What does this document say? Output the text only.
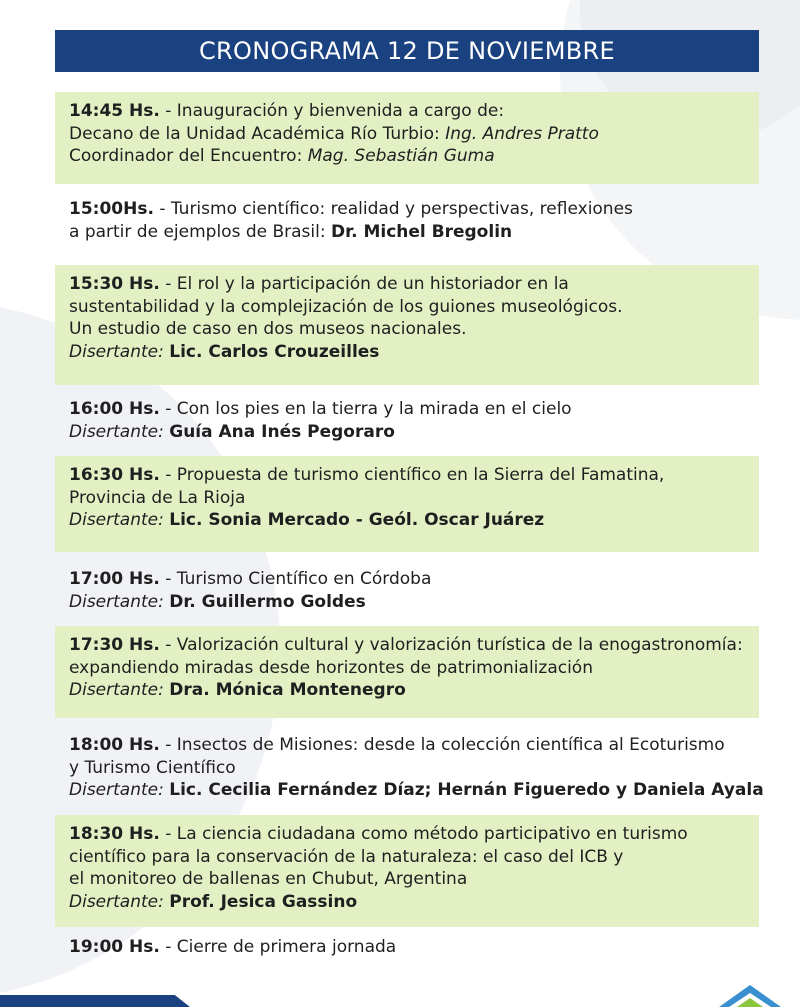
CRONOGRAMA 12 DE NOVIEMBRE
14:45 Hs. - Inauguración y bienvenida a cargo de:
Decano de la Unidad Académica Río Turbio: Ing. Andres Pratto
Coordinador del Encuentro: Mag. Sebastián Guma
15:00Hs. - Turismo científico: realidad y perspectivas, reflexiones
a partir de ejemplos de Brasil: Dr. Michel Bregolin
15:30 Hs. - El rol y la participación de un historiador en la
sustentabilidad y la complejización de los guiones museológicos.
Un estudio de caso en dos museos nacionales.
Disertante: Lic. Carlos Crouzeilles
16:00 Hs. - Con los pies en la tierra y la mirada en el cielo
Disertante: Guía Ana Inés Pegoraro
16:30 Hs. - Propuesta de turismo científico en la Sierra del Famatina,
Provincia de La Rioja
Disertante: Lic. Sonia Mercado - Geól. Oscar Juárez
17:00 Hs. - Turismo Científico en Córdoba
Disertante: Dr. Guillermo Goldes
17:30 Hs. - Valorización cultural y valorización turística de la enogastronomía:
expandiendo miradas desde horizontes de patrimonialización
Disertante: Dra. Mónica Montenegro
18:00 Hs. - Insectos de Misiones: desde la colección científica al Ecoturismo
y Turismo Científico
Disertante: Lic. Cecilia Fernández Díaz; Hernán Figueredo y Daniela Ayala
18:30 Hs. - La ciencia ciudadana como método participativo en turismo
científico para la conservación de la naturaleza: el caso del ICB y
el monitoreo de ballenas en Chubut, Argentina
Disertante: Prof. Jesica Gassino
19:00 Hs. - Cierre de primera jornada
